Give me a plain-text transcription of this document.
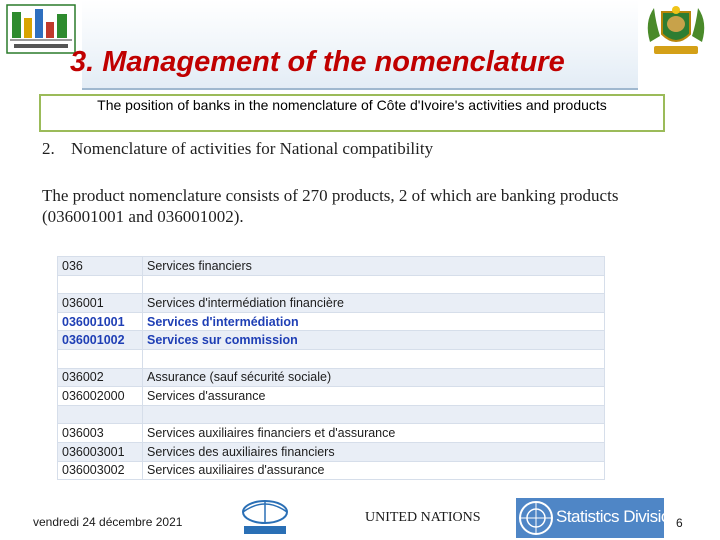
3. Management of the nomenclature
The position of banks in the nomenclature of Côte d'Ivoire's activities and products
2. Nomenclature of activities for National compatibility
The product nomenclature consists of 270 products, 2 of which are banking products (036001001 and 036001002).
036	Services financiers

036001	Services d'intermédiation financière
036001001	Services d'intermédiation
036001002	Services sur commission

036002	Assurance (sauf sécurité sociale)
036002000	Services d'assurance

036003	Services auxiliaires financiers et d'assurance
036003001	Services des auxiliaires financiers
036003002	Services auxiliaires d'assurance
vendredi 24 décembre 2021	UNITED NATIONS	Statistics Division
6
